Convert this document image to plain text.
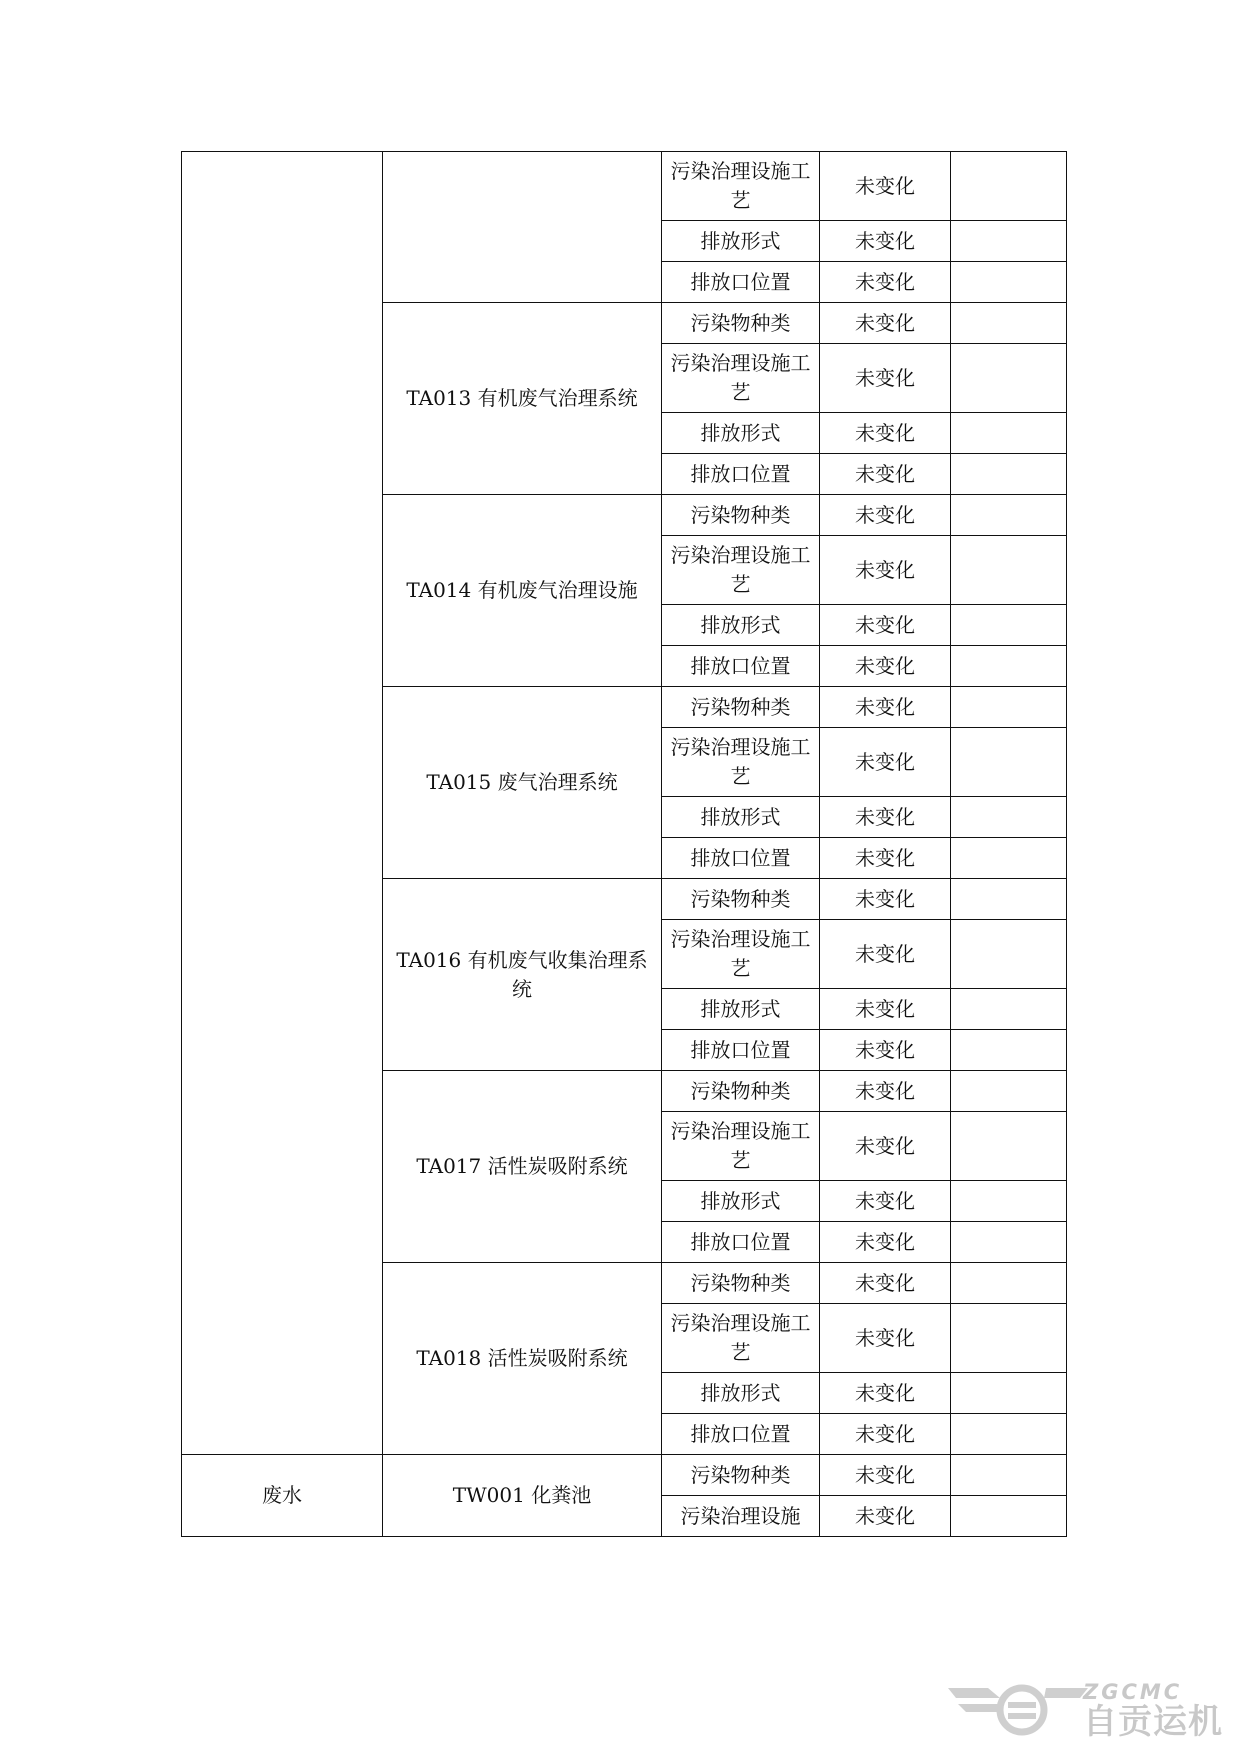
		污染治理设施工艺	未变化	
		排放形式	未变化	
		排放口位置	未变化	
	TA013 有机废气治理系统	污染物种类	未变化	
		污染治理设施工艺	未变化	
		排放形式	未变化	
		排放口位置	未变化	
	TA014 有机废气治理设施	污染物种类	未变化	
		污染治理设施工艺	未变化	
		排放形式	未变化	
		排放口位置	未变化	
	TA015 废气治理系统	污染物种类	未变化	
		污染治理设施工艺	未变化	
		排放形式	未变化	
		排放口位置	未变化	
	TA016 有机废气收集治理系统	污染物种类	未变化	
		污染治理设施工艺	未变化	
		排放形式	未变化	
		排放口位置	未变化	
	TA017 活性炭吸附系统	污染物种类	未变化	
		污染治理设施工艺	未变化	
		排放形式	未变化	
		排放口位置	未变化	
	TA018 活性炭吸附系统	污染物种类	未变化	
		污染治理设施工艺	未变化	
		排放形式	未变化	
		排放口位置	未变化	
废水	TW001 化粪池	污染物种类	未变化	
		污染治理设施	未变化	
ZGCMC
自贡运机
